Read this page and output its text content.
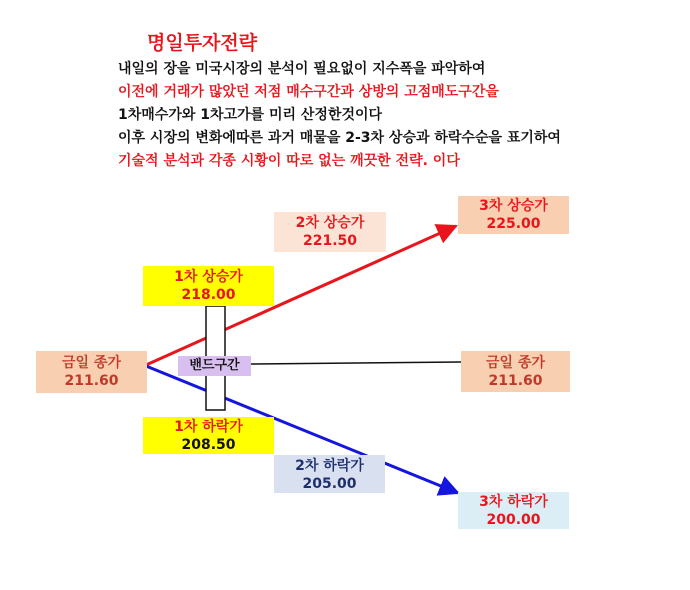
명일투자전략
내일의 장을 미국시장의 분석이 필요없이 지수폭을 파악하여
이전에 거래가 많았던 저점 매수구간과 상방의 고점매도구간을
1차매수가와 1차고가를 미리 산정한것이다
이후 시장의 변화에따른 과거 매물을 2-3차 상승과 하락수순을 표기하여
기술적 분석과 각종 시황이 따로 없는 깨끗한 전략. 이다
밴드구간
금일 종가
211.60
1차 상승가
218.00
2차 상승가
221.50
3차 상승가
225.00
금일 종가
211.60
1차 하락가
208.50
2차 하락가
205.00
3차 하락가
200.00
